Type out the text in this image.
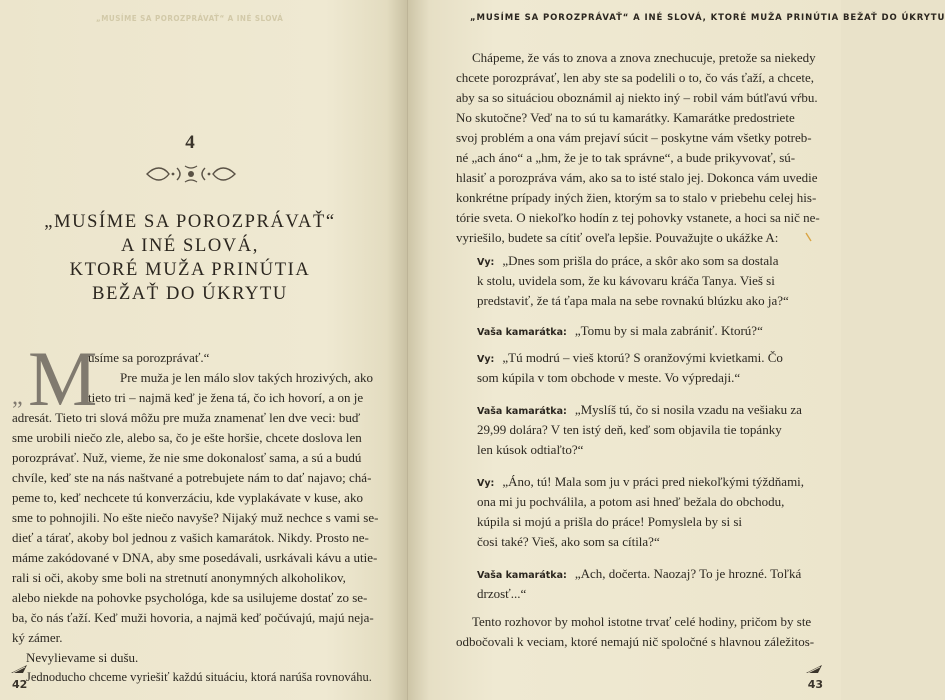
„MUSÍME SA POROZPRÁVAŤ“ A INÉ SLOVÁ
4
„MUSÍME SA POROZPRÁVAŤ“
A INÉ SLOVÁ,
KTORÉ MUŽA PRINÚTIA
BEŽAŤ DO ÚKRYTU
„ M
usíme sa porozprávať.“
Pre muža je len málo slov takých hrozivých, ako
tieto tri – najmä keď je žena tá, čo ich hovorí, a on je
adresát. Tieto tri slová môžu pre muža znamenať len dve veci: buď
sme urobili niečo zle, alebo sa, čo je ešte horšie, chcete doslova len
porozprávať. Nuž, vieme, že nie sme dokonalosť sama, a sú a budú
chvíle, keď ste na nás naštvané a potrebujete nám to dať najavo; chá-
peme to, keď nechcete tú konverzáciu, kde vyplakávate v kuse, ako
sme to pohnojili. No ešte niečo navyše? Nijaký muž nechce s vami se-
dieť a tárať, akoby bol jednou z vašich kamarátok. Nikdy. Prosto ne-
máme zakódované v DNA, aby sme posedávali, usrkávali kávu a utie-
rali si oči, akoby sme boli na stretnutí anonymných alkoholikov,
alebo niekde na pohovke psychológa, kde sa usilujeme dostať zo se-
ba, čo nás ťaží. Keď muži hovoria, a najmä keď počúvajú, majú neja-
ký zámer.
Nevylievame si dušu.
Jednoducho chceme vyriešiť každú situáciu, ktorá narúša rovnováhu.
42
„MUSÍME SA POROZPRÁVAŤ“ A INÉ SLOVÁ, KTORÉ MUŽA PRINÚTIA BEŽAŤ DO ÚKRYTU
Chápeme, že vás to znova a znova znechucuje, pretože sa niekedy
chcete porozprávať, len aby ste sa podelili o to, čo vás ťaží, a chcete,
aby sa so situáciou oboznámil aj niekto iný – robil vám bútľavú vŕbu.
No skutočne? Veď na to sú tu kamarátky. Kamarátke predostriete
svoj problém a ona vám prejaví súcit – poskytne vám všetky potreb-
né „ach áno“ a „hm, že je to tak správne“, a bude prikyvovať, sú-
hlasiť a porozpráva vám, ako sa to isté stalo jej. Dokonca vám uvedie
konkrétne prípady iných žien, ktorým sa to stalo v priebehu celej his-
tórie sveta. O niekoľko hodín z tej pohovky vstanete, a hoci sa nič ne-
vyriešilo, budete sa cítiť oveľa lepšie. Pouvažujte o ukážke A:
Vy: „Dnes som prišla do práce, a skôr ako som sa dostala
k stolu, uvidela som, že ku kávovaru kráča Tanya. Vieš si
predstaviť, že tá ťapa mala na sebe rovnakú blúzku ako ja?“
Vaša kamarátka: „Tomu by si mala zabrániť. Ktorú?“
Vy: „Tú modrú – vieš ktorú? S oranžovými kvietkami. Čo
som kúpila v tom obchode v meste. Vo výpredaji.“
Vaša kamarátka: „Myslíš tú, čo si nosila vzadu na vešiaku za
29,99 dolára? V ten istý deň, keď som objavila tie topánky
len kúsok odtiaľto?“
Vy: „Áno, tú! Mala som ju v práci pred niekoľkými týždňami,
ona mi ju pochválila, a potom asi hneď bežala do obchodu,
kúpila si mojú a prišla do práce! Pomyslela by si si
čosi také? Vieš, ako som sa cítila?“
Vaša kamarátka: „Ach, dočerta. Naozaj? To je hrozné. Toľká
drzosť...“
Tento rozhovor by mohol istotne trvať celé hodiny, pričom by ste
odbočovali k veciam, ktoré nemajú nič spoločné s hlavnou záležitos-
43
